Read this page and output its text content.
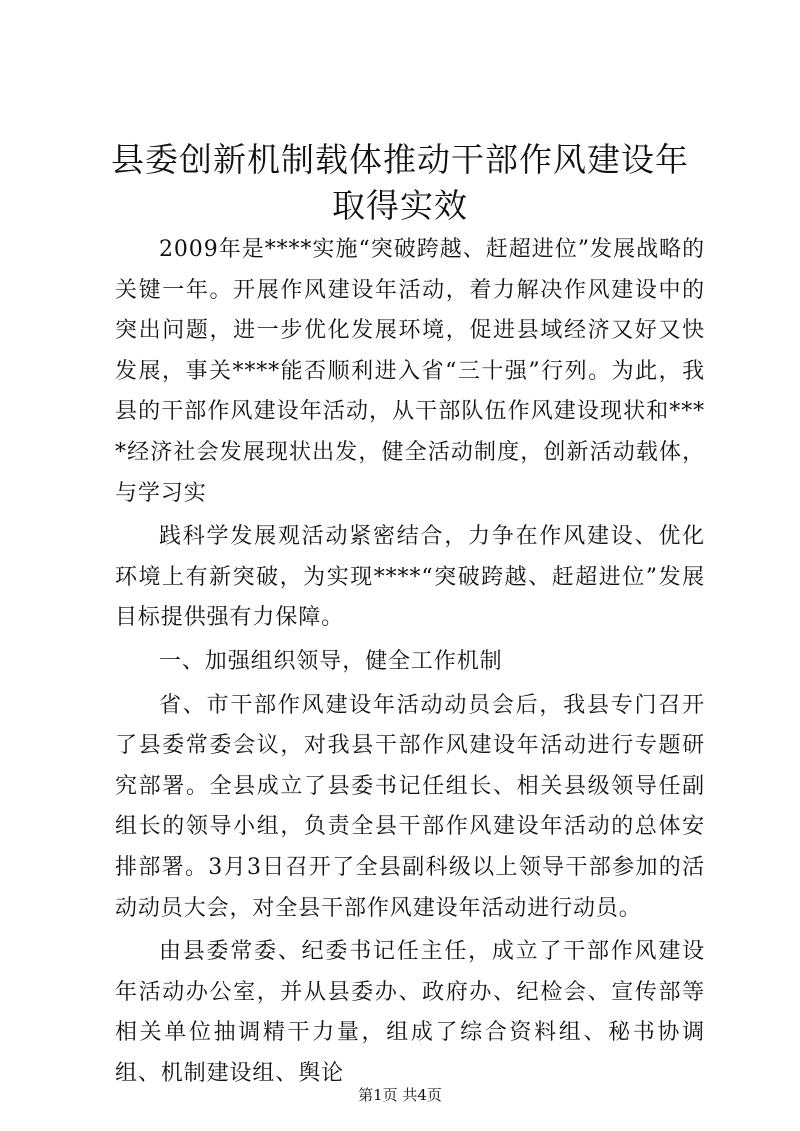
县委创新机制载体推动干部作风建设年取得实效

2009年是****实施“突破跨越、赶超进位”发展战略的关键一年。开展作风建设年活动，着力解决作风建设中的突出问题，进一步优化发展环境，促进县域经济又好又快发展，事关****能否顺利进入省“三十强”行列。为此，我县的干部作风建设年活动，从干部队伍作风建设现状和****经济社会发展现状出发，健全活动制度，创新活动载体，与学习实

践科学发展观活动紧密结合，力争在作风建设、优化环境上有新突破，为实现****“突破跨越、赶超进位”发展目标提供强有力保障。

一、加强组织领导，健全工作机制

省、市干部作风建设年活动动员会后，我县专门召开了县委常委会议，对我县干部作风建设年活动进行专题研究部署。全县成立了县委书记任组长、相关县级领导任副组长的领导小组，负责全县干部作风建设年活动的总体安排部署。3月3日召开了全县副科级以上领导干部参加的活动动员大会，对全县干部作风建设年活动进行动员。

由县委常委、纪委书记任主任，成立了干部作风建设年活动办公室，并从县委办、政府办、纪检会、宣传部等相关单位抽调精干力量，组成了综合资料组、秘书协调组、机制建设组、舆论

第1页 共4页
